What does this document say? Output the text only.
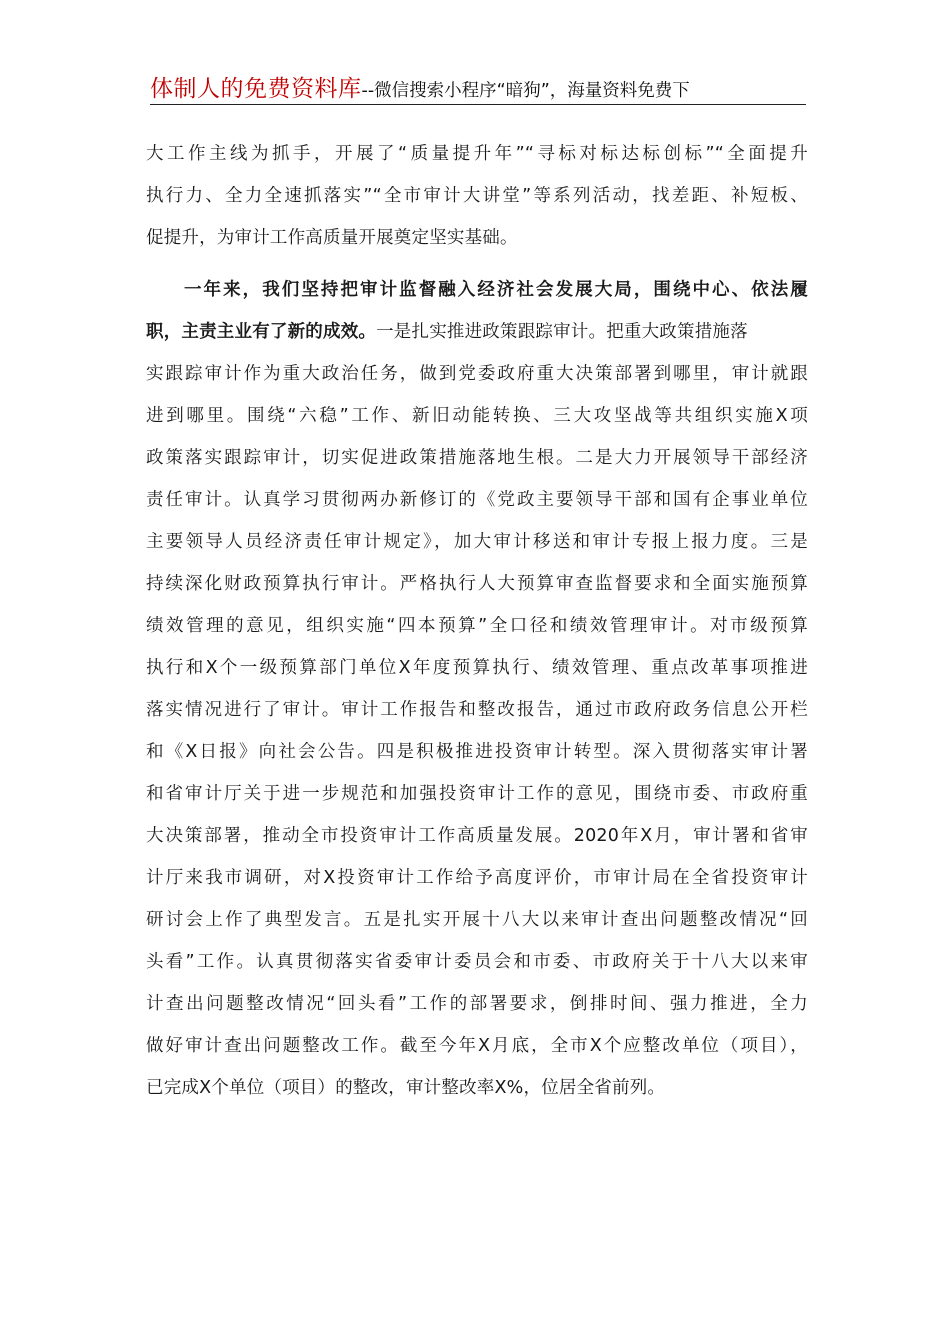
体制人的免费资料库--微信搜索小程序“暗狗”，海量资料免费下
大工作主线为抓手，开展了“质量提升年”“寻标对标达标创标”“全面提升
执行力、全力全速抓落实”“全市审计大讲堂”等系列活动，找差距、补短板、
促提升，为审计工作高质量开展奠定坚实基础。
一年来，我们坚持把审计监督融入经济社会发展大局，围绕中心、依法履
职，主责主业有了新的成效。一是扎实推进政策跟踪审计。把重大政策措施落
实跟踪审计作为重大政治任务，做到党委政府重大决策部署到哪里，审计就跟
进到哪里。围绕“六稳”工作、新旧动能转换、三大攻坚战等共组织实施X项
政策落实跟踪审计，切实促进政策措施落地生根。二是大力开展领导干部经济
责任审计。认真学习贯彻两办新修订的《党政主要领导干部和国有企事业单位
主要领导人员经济责任审计规定》，加大审计移送和审计专报上报力度。三是
持续深化财政预算执行审计。严格执行人大预算审查监督要求和全面实施预算
绩效管理的意见，组织实施“四本预算”全口径和绩效管理审计。对市级预算
执行和X个一级预算部门单位X年度预算执行、绩效管理、重点改革事项推进
落实情况进行了审计。审计工作报告和整改报告，通过市政府政务信息公开栏
和《X日报》向社会公告。四是积极推进投资审计转型。深入贯彻落实审计署
和省审计厅关于进一步规范和加强投资审计工作的意见，围绕市委、市政府重
大决策部署，推动全市投资审计工作高质量发展。2020年X月，审计署和省审
计厅来我市调研，对X投资审计工作给予高度评价，市审计局在全省投资审计
研讨会上作了典型发言。五是扎实开展十八大以来审计查出问题整改情况“回
头看”工作。认真贯彻落实省委审计委员会和市委、市政府关于十八大以来审
计查出问题整改情况“回头看”工作的部署要求，倒排时间、强力推进，全力
做好审计查出问题整改工作。截至今年X月底，全市X个应整改单位（项目），
已完成X个单位（项目）的整改，审计整改率X%，位居全省前列。
